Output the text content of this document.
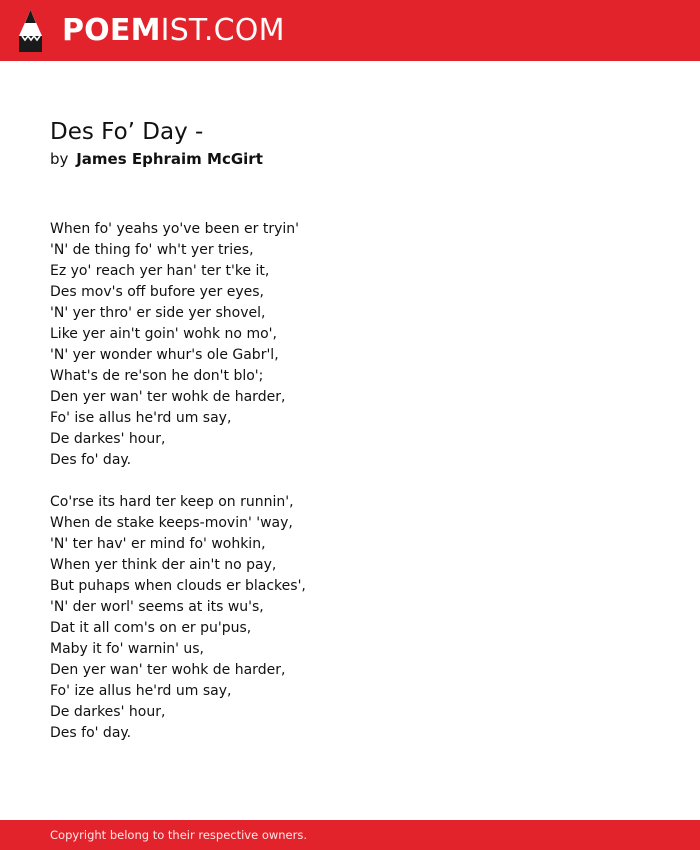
POEMIST.COM
Des Fo’ Day -
by James Ephraim McGirt
When fo' yeahs yo've been er tryin'
'N' de thing fo' wh't yer tries,
Ez yo' reach yer han' ter t'ke it,
Des mov's off bufore yer eyes,
'N' yer thro' er side yer shovel,
Like yer ain't goin' wohk no mo',
'N' yer wonder whur's ole Gabr'l,
What's de re'son he don't blo';
Den yer wan' ter wohk de harder,
Fo' ise allus he'rd um say,
De darkes' hour,
Des fo' day.
Co'rse its hard ter keep on runnin',
When de stake keeps-movin' 'way,
'N' ter hav' er mind fo' wohkin,
When yer think der ain't no pay,
But puhaps when clouds er blackes',
'N' der worl' seems at its wu's,
Dat it all com's on er pu'pus,
Maby it fo' warnin' us,
Den yer wan' ter wohk de harder,
Fo' ize allus he'rd um say,
De darkes' hour,
Des fo' day.
Copyright belong to their respective owners.
